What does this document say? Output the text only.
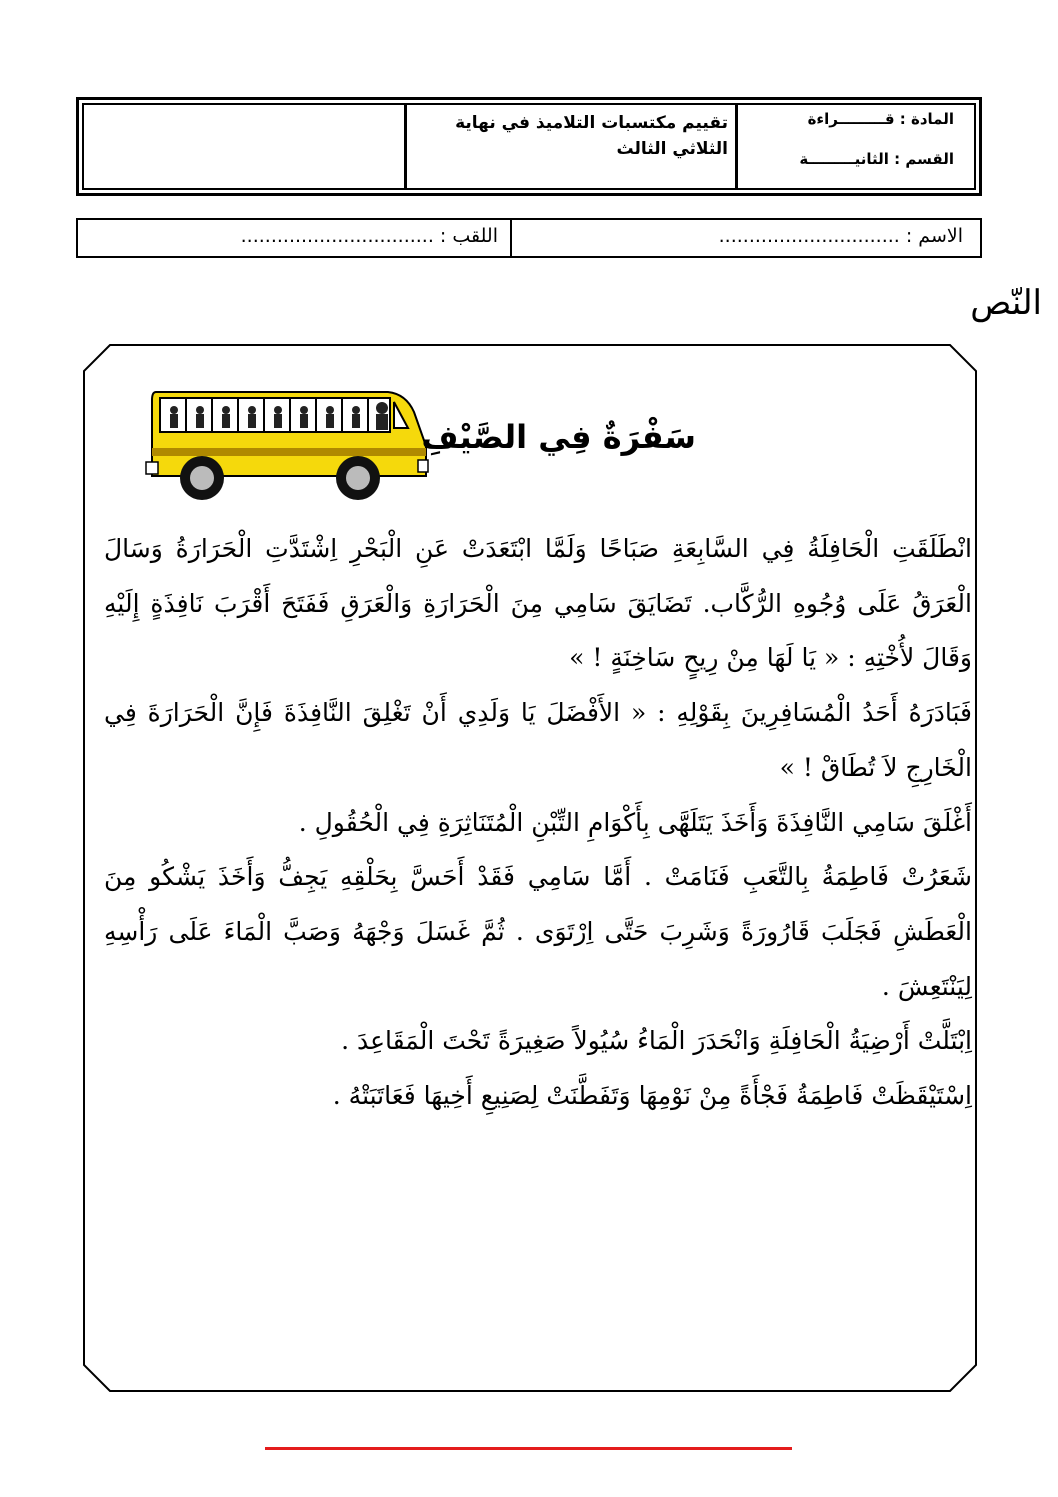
المادة : قـــــــــراءة
القسم : الثانيـــــــــة
تقييم مكتسبات التلاميذ في نهاية الثلاثي الثالث
الاسم : ..............................
اللقب : ................................
النّص
سَفْرَةٌ فِي الصَّيْفِ

انْطَلَقَتِ الْحَافِلَةُ فِي السَّابِعَةِ صَبَاحًا وَلَمَّا ابْتَعَدَتْ عَنِ الْبَحْرِ اِشْتَدَّتِ الْحَرَارَةُ وَسَالَ الْعَرَقُ عَلَى وُجُوهِ الرُّكَّاب. تَضَايَقَ سَامِي مِنَ الْحَرَارَةِ وَالْعَرَقِ فَفَتَحَ أَقْرَبَ نَافِذَةٍ إِلَيْهِ وَقَالَ لأُخْتِهِ : « يَا لَهَا مِنْ رِيحٍ سَاخِنَةٍ ! »

فَبَادَرَهُ أَحَدُ الْمُسَافِرِينَ بِقَوْلِهِ : « الأَفْضَلَ يَا وَلَدِي أَنْ تَغْلِقَ النَّافِذَةَ فَإِنَّ الْحَرَارَةَ فِي الْخَارِجِ لاَ تُطَاقْ ! »

أَغْلَقَ سَامِي النَّافِذَةَ وَأَخَذَ يَتَلَهَّى بِأَكْوَامِ التِّبْنِ الْمُتَنَاثِرَةِ فِي الْحُقُولِ .

شَعَرُتْ فَاطِمَةُ بِالتَّعَبِ فَنَامَتْ . أَمَّا سَامِي فَقَدْ أَحَسَّ بِحَلْقِهِ يَجِفُّ وَأَخَذَ يَشْكُو مِنَ الْعَطَشِ فَجَلَبَ قَارُورَةً وَشَرِبَ حَتَّى اِرْتَوَى . ثُمَّ غَسَلَ وَجْهَهُ وَصَبَّ الْمَاءَ عَلَى رَأْسِهِ لِيَنْتَعِشَ .

اِبْتَلَّتْ أَرْضِيَةُ الْحَافِلَةِ وَانْحَدَرَ الْمَاءُ سُيُولاً صَغِيرَةً تَحْتَ الْمَقَاعِدَ .

اِسْتَيْقَظَتْ فَاطِمَةُ فَجْأَةً مِنْ نَوْمِهَا وَتَفَطَّنَتْ لِصَنِيعِ أَخِيهَا فَعَاتَبَتْهُ .
